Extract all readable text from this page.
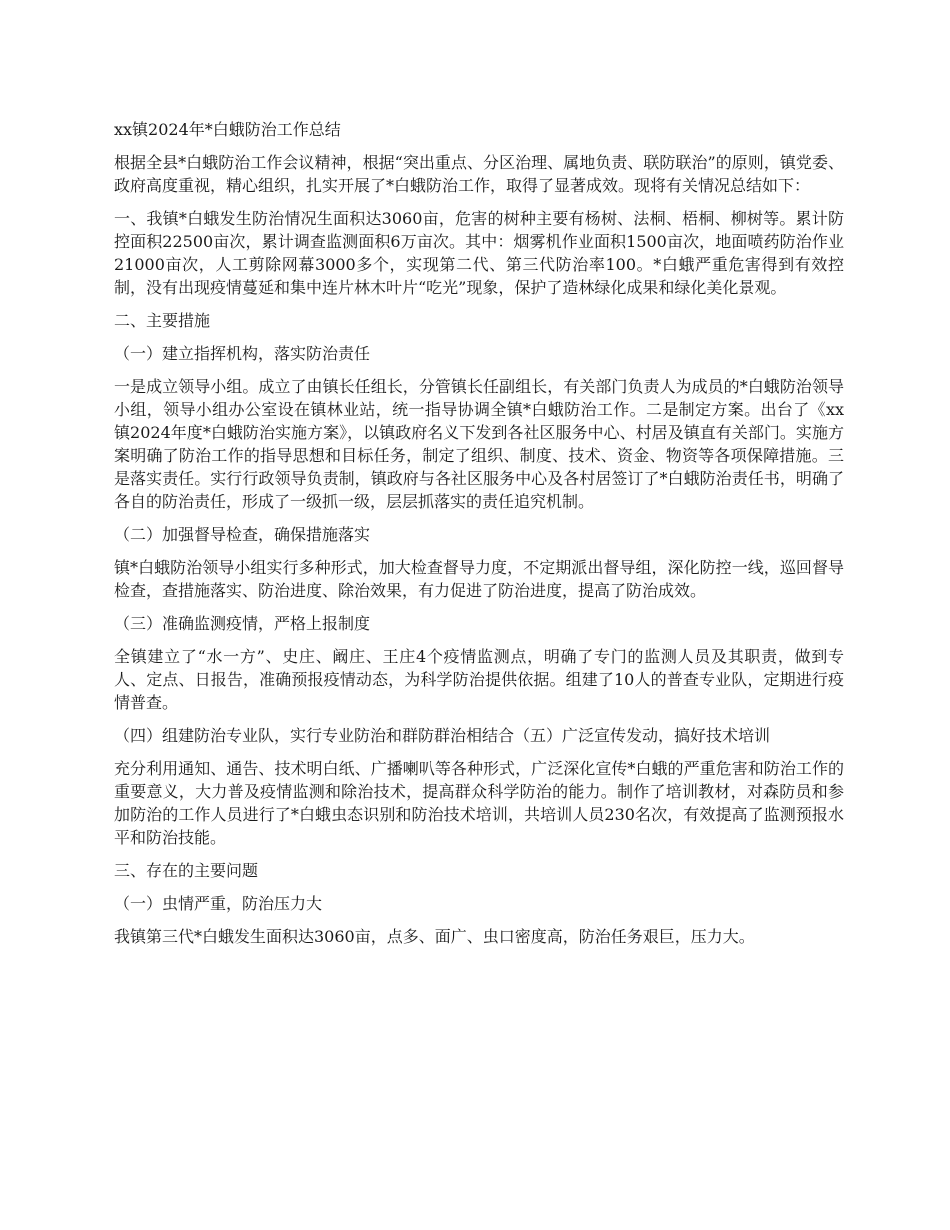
xx镇2024年*白蛾防治工作总结

根据全县*白蛾防治工作会议精神，根据“突出重点、分区治理、属地负责、联防联治”的原则，镇党委、政府高度重视，精心组织，扎实开展了*白蛾防治工作，取得了显著成效。现将有关情况总结如下：

一、我镇*白蛾发生防治情况生面积达3060亩，危害的树种主要有杨树、法桐、梧桐、柳树等。累计防控面积22500亩次，累计调查监测面积6万亩次。其中：烟雾机作业面积1500亩次，地面喷药防治作业21000亩次，人工剪除网幕3000多个，实现第二代、第三代防治率100。*白蛾严重危害得到有效控制，没有出现疫情蔓延和集中连片林木叶片“吃光”现象，保护了造林绿化成果和绿化美化景观。

二、主要措施

（一）建立指挥机构，落实防治责任

一是成立领导小组。成立了由镇长任组长，分管镇长任副组长，有关部门负责人为成员的*白蛾防治领导小组，领导小组办公室设在镇林业站，统一指导协调全镇*白蛾防治工作。二是制定方案。出台了《xx镇2024年度*白蛾防治实施方案》，以镇政府名义下发到各社区服务中心、村居及镇直有关部门。实施方案明确了防治工作的指导思想和目标任务，制定了组织、制度、技术、资金、物资等各项保障措施。三是落实责任。实行行政领导负责制，镇政府与各社区服务中心及各村居签订了*白蛾防治责任书，明确了各自的防治责任，形成了一级抓一级，层层抓落实的责任追究机制。

（二）加强督导检查，确保措施落实

镇*白蛾防治领导小组实行多种形式，加大检查督导力度，不定期派出督导组，深化防控一线，巡回督导检查，查措施落实、防治进度、除治效果，有力促进了防治进度，提高了防治成效。

（三）准确监测疫情，严格上报制度

全镇建立了“水一方”、史庄、阚庄、王庄4个疫情监测点，明确了专门的监测人员及其职责，做到专人、定点、日报告，准确预报疫情动态，为科学防治提供依据。组建了10人的普查专业队，定期进行疫情普查。

（四）组建防治专业队，实行专业防治和群防群治相结合（五）广泛宣传发动，搞好技术培训

充分利用通知、通告、技术明白纸、广播喇叭等各种形式，广泛深化宣传*白蛾的严重危害和防治工作的重要意义，大力普及疫情监测和除治技术，提高群众科学防治的能力。制作了培训教材，对森防员和参加防治的工作人员进行了*白蛾虫态识别和防治技术培训，共培训人员230名次，有效提高了监测预报水平和防治技能。

三、存在的主要问题

（一）虫情严重，防治压力大

我镇第三代*白蛾发生面积达3060亩，点多、面广、虫口密度高，防治任务艰巨，压力大。
